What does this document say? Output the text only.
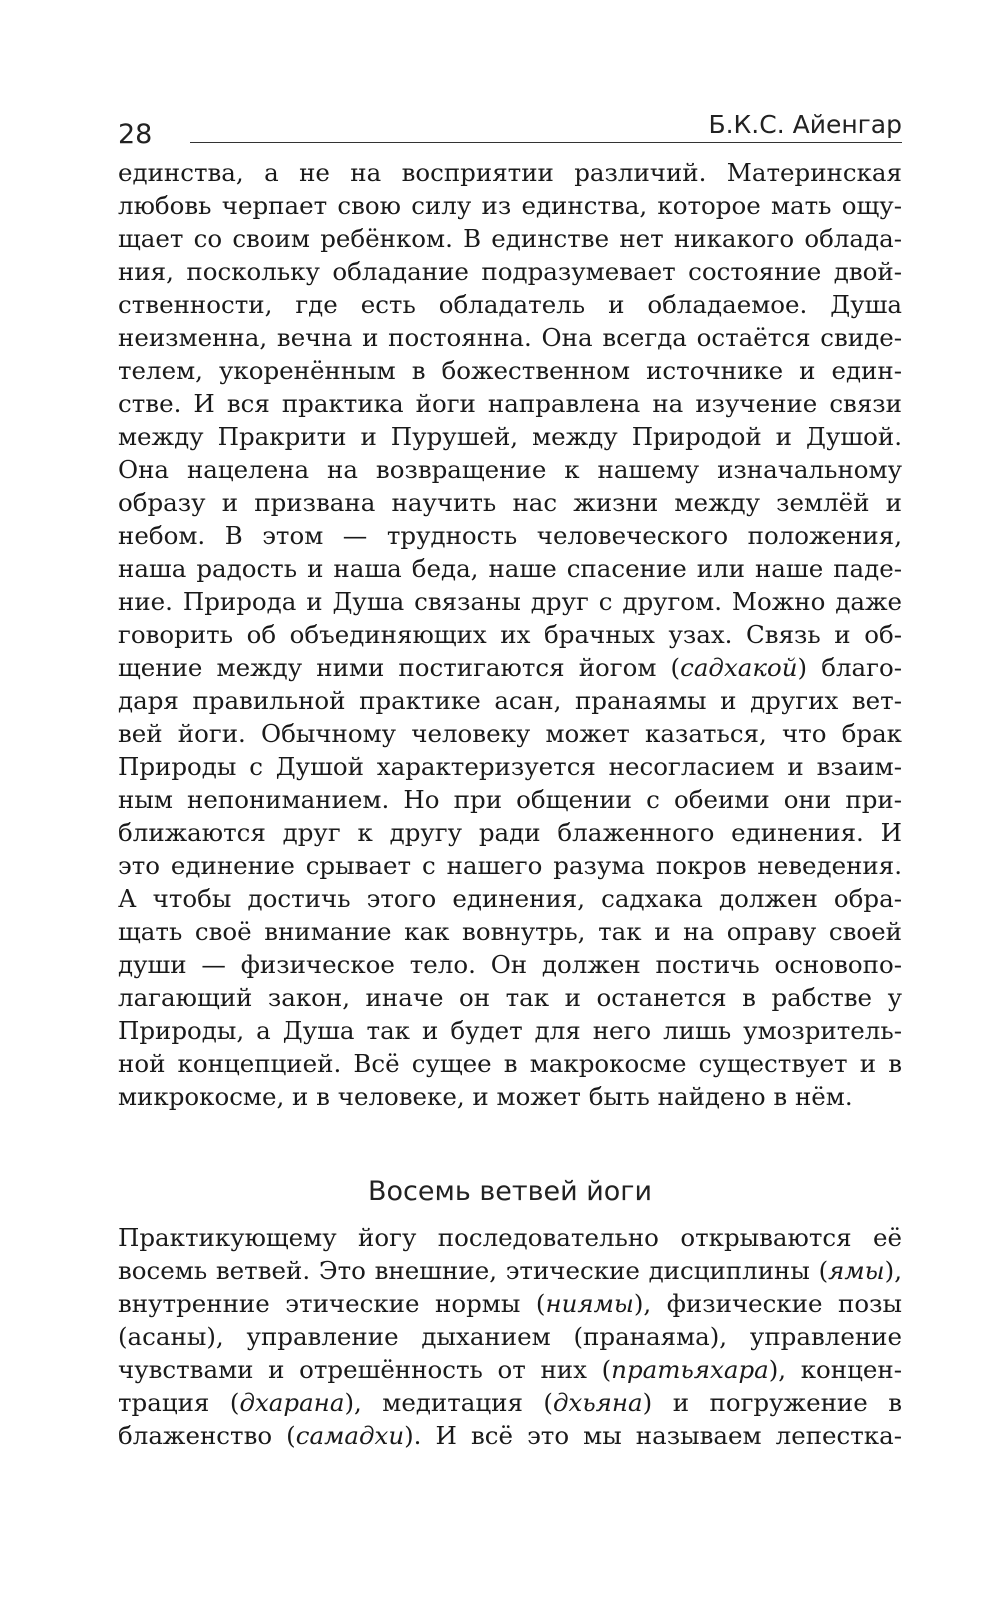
28	Б.К.С. Айенгар
единства, а не на восприятии различий. Материнская
любовь черпает свою силу из единства, которое мать ощу-
щает со своим ребёнком. В единстве нет никакого облада-
ния, поскольку обладание подразумевает состояние двой-
ственности, где есть обладатель и обладаемое. Душа
неизменна, вечна и постоянна. Она всегда остаётся свиде-
телем, укоренённым в божественном источнике и един-
стве. И вся практика йоги направлена на изучение связи
между Пракрити и Пурушей, между Природой и Душой.
Она нацелена на возвращение к нашему изначальному
образу и призвана научить нас жизни между землёй и
небом. В этом — трудность человеческого положения,
наша радость и наша беда, наше спасение или наше паде-
ние. Природа и Душа связаны друг с другом. Можно даже
говорить об объединяющих их брачных узах. Связь и об-
щение между ними постигаются йогом (садхакой) благо-
даря правильной практике асан, пранаямы и других вет-
вей йоги. Обычному человеку может казаться, что брак
Природы с Душой характеризуется несогласием и взаим-
ным непониманием. Но при общении с обеими они при-
ближаются друг к другу ради блаженного единения. И
это единение срывает с нашего разума покров неведения.
А чтобы достичь этого единения, садхака должен обра-
щать своё внимание как вовнутрь, так и на оправу своей
души — физическое тело. Он должен постичь основопо-
лагающий закон, иначе он так и останется в рабстве у
Природы, а Душа так и будет для него лишь умозритель-
ной концепцией. Всё сущее в макрокосме существует и в
микрокосме, и в человеке, и может быть найдено в нём.
Восемь ветвей йоги
Практикующему йогу последовательно открываются её
восемь ветвей. Это внешние, этические дисциплины (ямы),
внутренние этические нормы (ниямы), физические позы
(асаны), управление дыханием (пранаяма), управление
чувствами и отрешённость от них (пратьяхара), концен-
трация (дхарана), медитация (дхьяна) и погружение в
блаженство (самадхи). И всё это мы называем лепестка-
